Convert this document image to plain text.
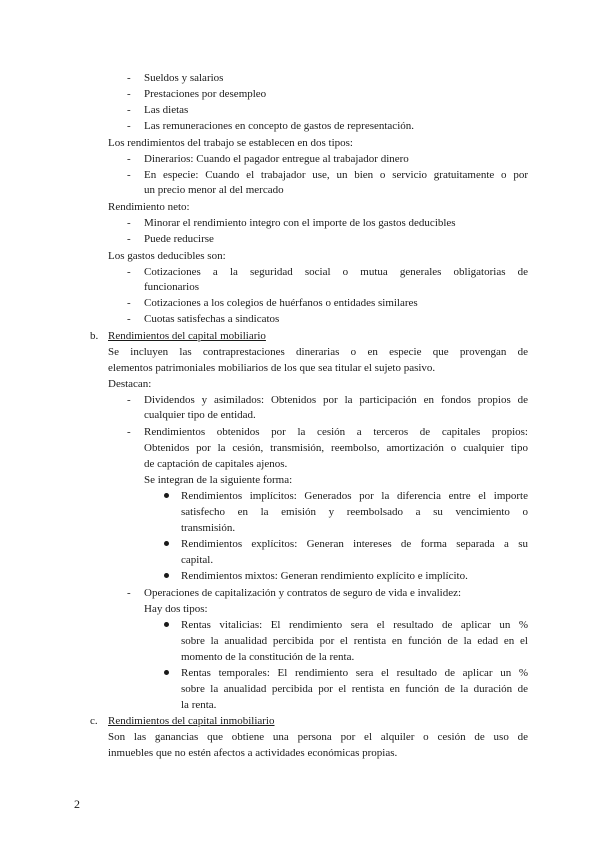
- Sueldos y salarios
- Prestaciones por desempleo
- Las dietas
- Las remuneraciones en concepto de gastos de representación.
Los rendimientos del trabajo se establecen en dos tipos:
- Dinerarios: Cuando el pagador entregue al trabajador dinero
- En especie: Cuando el trabajador use, un bien o servicio gratuitamente o por
un precio menor al del mercado
Rendimiento neto:
- Minorar el rendimiento integro con el importe de los gastos deducibles
- Puede reducirse
Los gastos deducibles son:
- Cotizaciones a la seguridad social o mutua generales obligatorias de
funcionarios
- Cotizaciones a los colegios de huérfanos o entidades similares
- Cuotas satisfechas a sindicatos
b. Rendimientos del capital mobiliario
Se incluyen las contraprestaciones dinerarias o en especie que provengan de
elementos patrimoniales mobiliarios de los que sea titular el sujeto pasivo.
Destacan:
- Dividendos y asimilados: Obtenidos por la participación en fondos propios de
cualquier tipo de entidad.
- Rendimientos obtenidos por la cesión a terceros de capitales propios:
Obtenidos por la cesión, transmisión, reembolso, amortización o cualquier tipo
de captación de capitales ajenos.
Se integran de la siguiente forma:
Rendimientos implícitos: Generados por la diferencia entre el importe
satisfecho en la emisión y reembolsado a su vencimiento o
transmisión.
Rendimientos explícitos: Generan intereses de forma separada a su
capital.
Rendimientos mixtos: Generan rendimiento explícito e implícito.
- Operaciones de capitalización y contratos de seguro de vida e invalidez:
Hay dos tipos:
Rentas vitalicias: El rendimiento sera el resultado de aplicar un %
sobre la anualidad percibida por el rentista en función de la edad en el
momento de la constitución de la renta.
Rentas temporales: El rendimiento sera el resultado de aplicar un %
sobre la anualidad percibida por el rentista en función de la duración de
la renta.
c. Rendimientos del capital inmobiliario
Son las ganancias que obtiene una persona por el alquiler o cesión de uso de
inmuebles que no estén afectos a actividades económicas propias.
2
